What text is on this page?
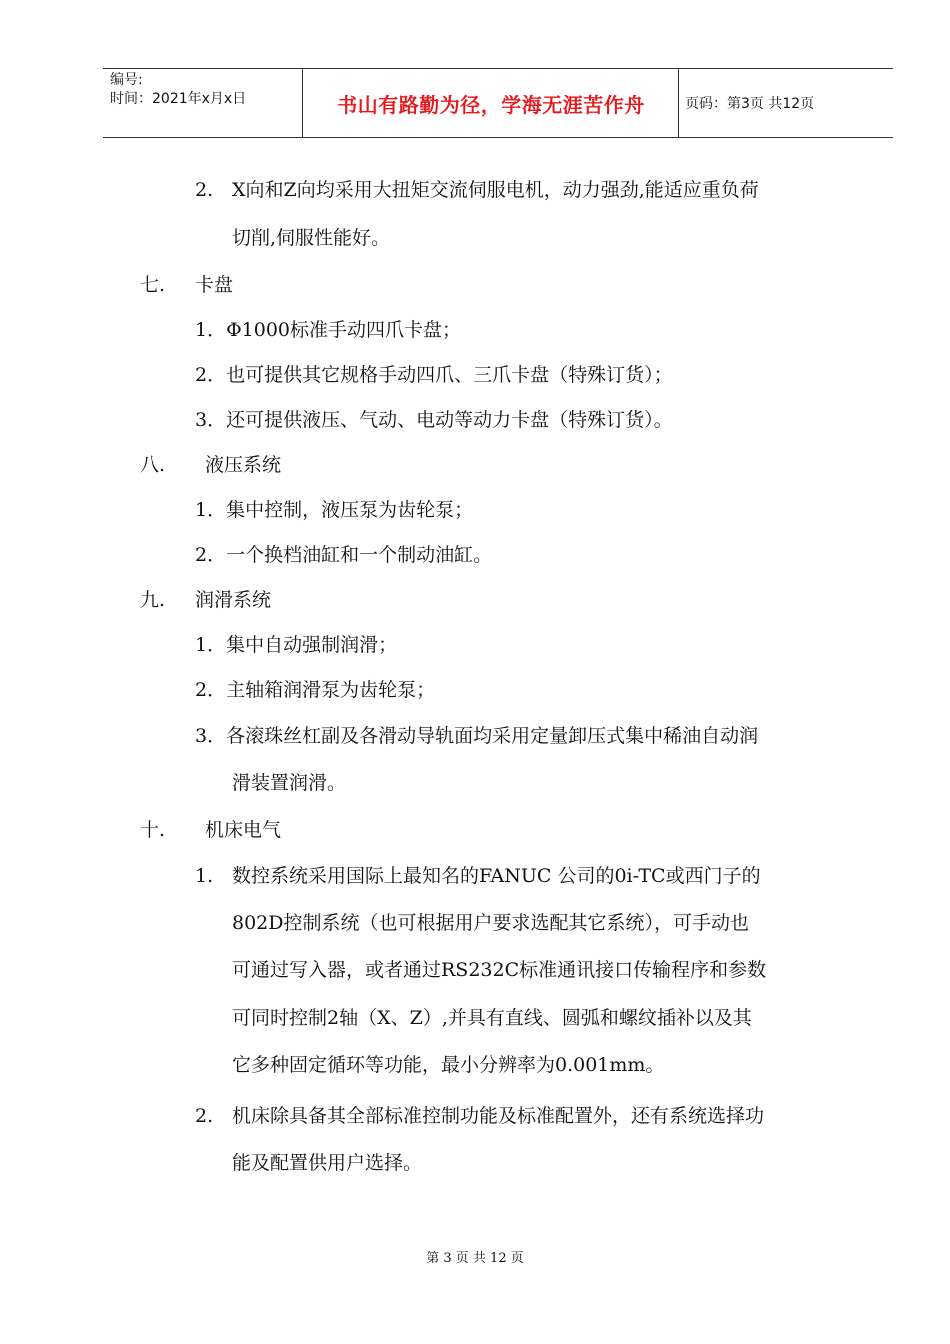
编号:
时间：2021年x月x日	书山有路勤为径，学海无涯苦作舟	页码：第3页 共12页
2. X向和Z向均采用大扭矩交流伺服电机，动力强劲,能适应重负荷
切削,伺服性能好。
七. 卡盘
1．Φ1000标准手动四爪卡盘；
2．也可提供其它规格手动四爪、三爪卡盘（特殊订货）；
3．还可提供液压、气动、电动等动力卡盘（特殊订货）。
八. 液压系统
1．集中控制，液压泵为齿轮泵；
2．一个换档油缸和一个制动油缸。
九. 润滑系统
1．集中自动强制润滑；
2．主轴箱润滑泵为齿轮泵；
3．各滚珠丝杠副及各滑动导轨面均采用定量卸压式集中稀油自动润
滑装置润滑。
十. 机床电气
1. 数控系统采用国际上最知名的FANUC 公司的0i-TC或西门子的
802D控制系统（也可根据用户要求选配其它系统），可手动也
可通过写入器，或者通过RS232C标准通讯接口传输程序和参数
可同时控制2轴（X、Z）,并具有直线、圆弧和螺纹插补以及其
它多种固定循环等功能，最小分辨率为0.001mm。
2. 机床除具备其全部标准控制功能及标准配置外，还有系统选择功
能及配置供用户选择。
第 3 页 共 12 页
